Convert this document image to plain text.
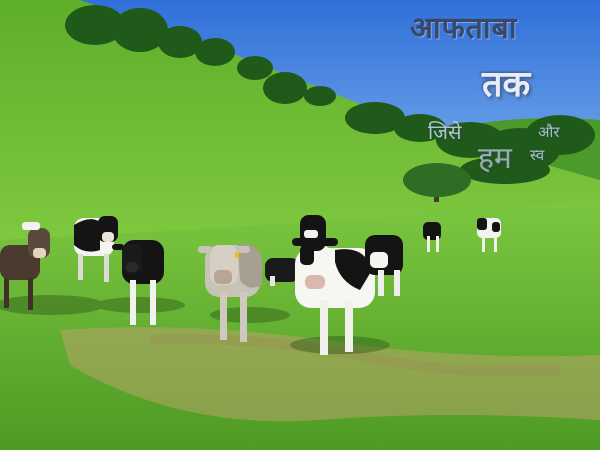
आफताबा
तक
जिसे
हम
और
स्व
